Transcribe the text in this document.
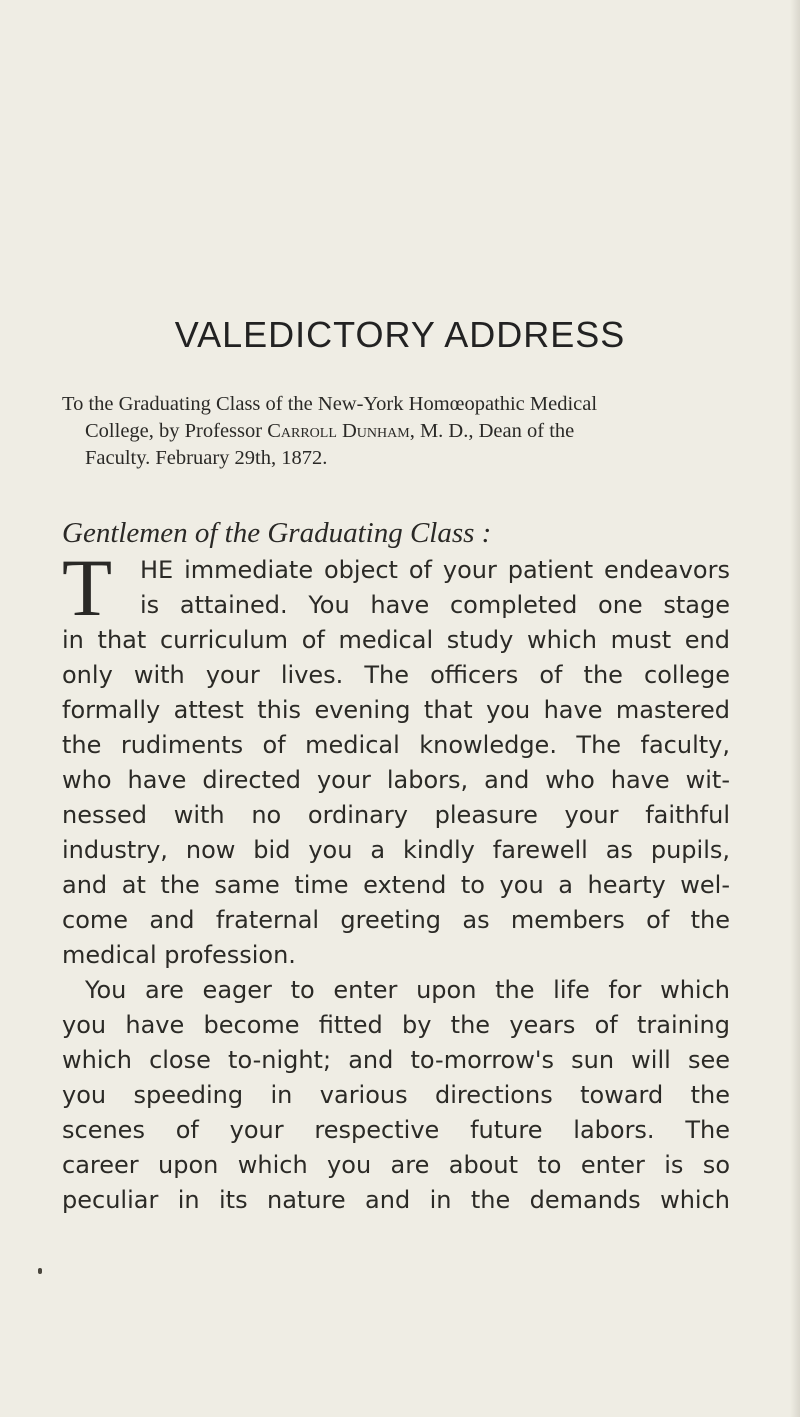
VALEDICTORY ADDRESS
To the Graduating Class of the New-York Homœopathic Medical
College, by Professor Carroll Dunham, M. D., Dean of the
Faculty. February 29th, 1872.
Gentlemen of the Graduating Class :
T	HE immediate object of your patient endeavors
is attained. You have completed one stage
in that curriculum of medical study which must end
only with your lives. The officers of the college
formally attest this evening that you have mastered
the rudiments of medical knowledge. The faculty,
who have directed your labors, and who have wit-
nessed with no ordinary pleasure your faithful
industry, now bid you a kindly farewell as pupils,
and at the same time extend to you a hearty wel-
come and fraternal greeting as members of the
medical profession.
You are eager to enter upon the life for which
you have become fitted by the years of training
which close to-night; and to-morrow's sun will see
you speeding in various directions toward the
scenes of your respective future labors. The
career upon which you are about to enter is so
peculiar in its nature and in the demands which
